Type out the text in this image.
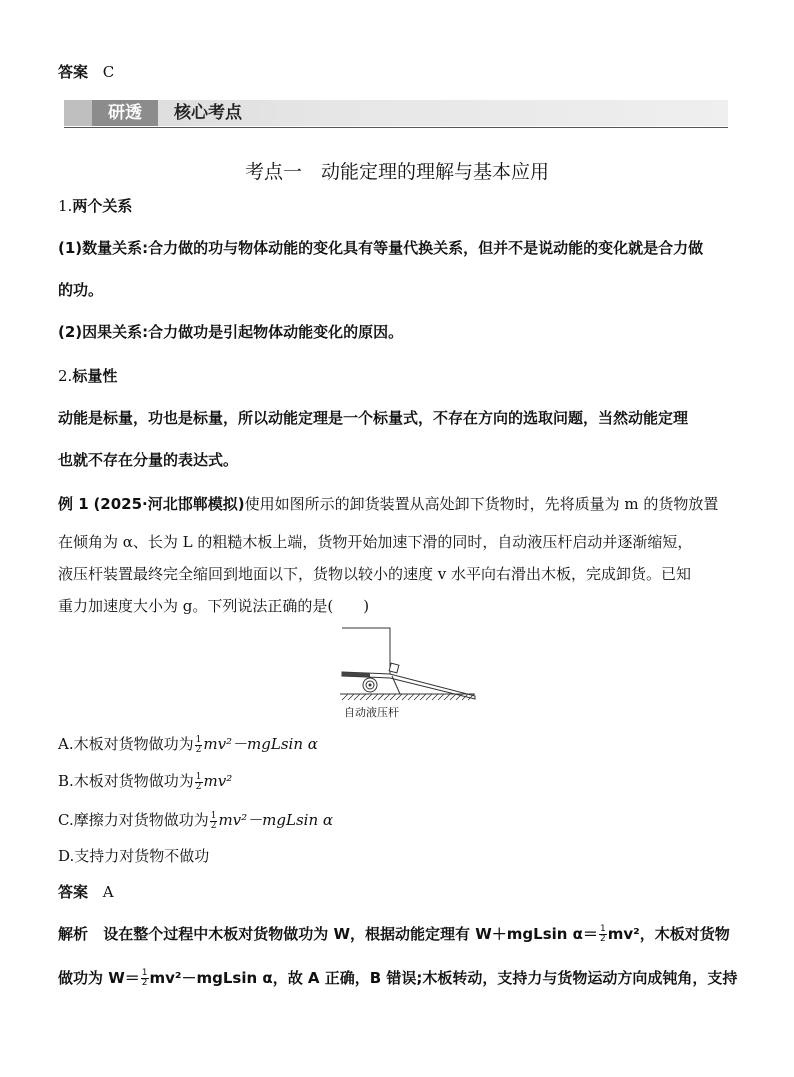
答案 C
研透	核心考点
考点一　动能定理的理解与基本应用
1.两个关系
(1)数量关系:合力做的功与物体动能的变化具有等量代换关系，但并不是说动能的变化就是合力做
的功。
(2)因果关系:合力做功是引起物体动能变化的原因。
2.标量性
动能是标量，功也是标量，所以动能定理是一个标量式，不存在方向的选取问题，当然动能定理
也就不存在分量的表达式。
例 1 (2025·河北邯郸模拟)使用如图所示的卸货装置从高处卸下货物时，先将质量为 m 的货物放置
在倾角为 α、长为 L 的粗糙木板上端，货物开始加速下滑的同时，自动液压杆启动并逐渐缩短，
液压杆装置最终完全缩回到地面以下，货物以较小的速度 v 水平向右滑出木板，完成卸货。已知
重力加速度大小为 g。下列说法正确的是(　　)
自动液压杆
A.木板对货物做功为 $\frac{1}{2} mv^2-mgLsin$ α
B.木板对货物做功为 $\frac{1}{2} mv^2$
C.摩擦力对货物做功为 $\frac{1}{2} mv^2-mgLsin$ α
D.支持力对货物不做功
答案 A
解析 设在整个过程中木板对货物做功为 W，根据动能定理有 W＋mgLsin $\alpha= \frac{1}{2} mv^2$，木板对货物
做功为 $W= \frac{1}{2} mv^2-mgLsin$ α，故 A 正确，B 错误;木板转动，支持力与货物运动方向成钝角，支持
